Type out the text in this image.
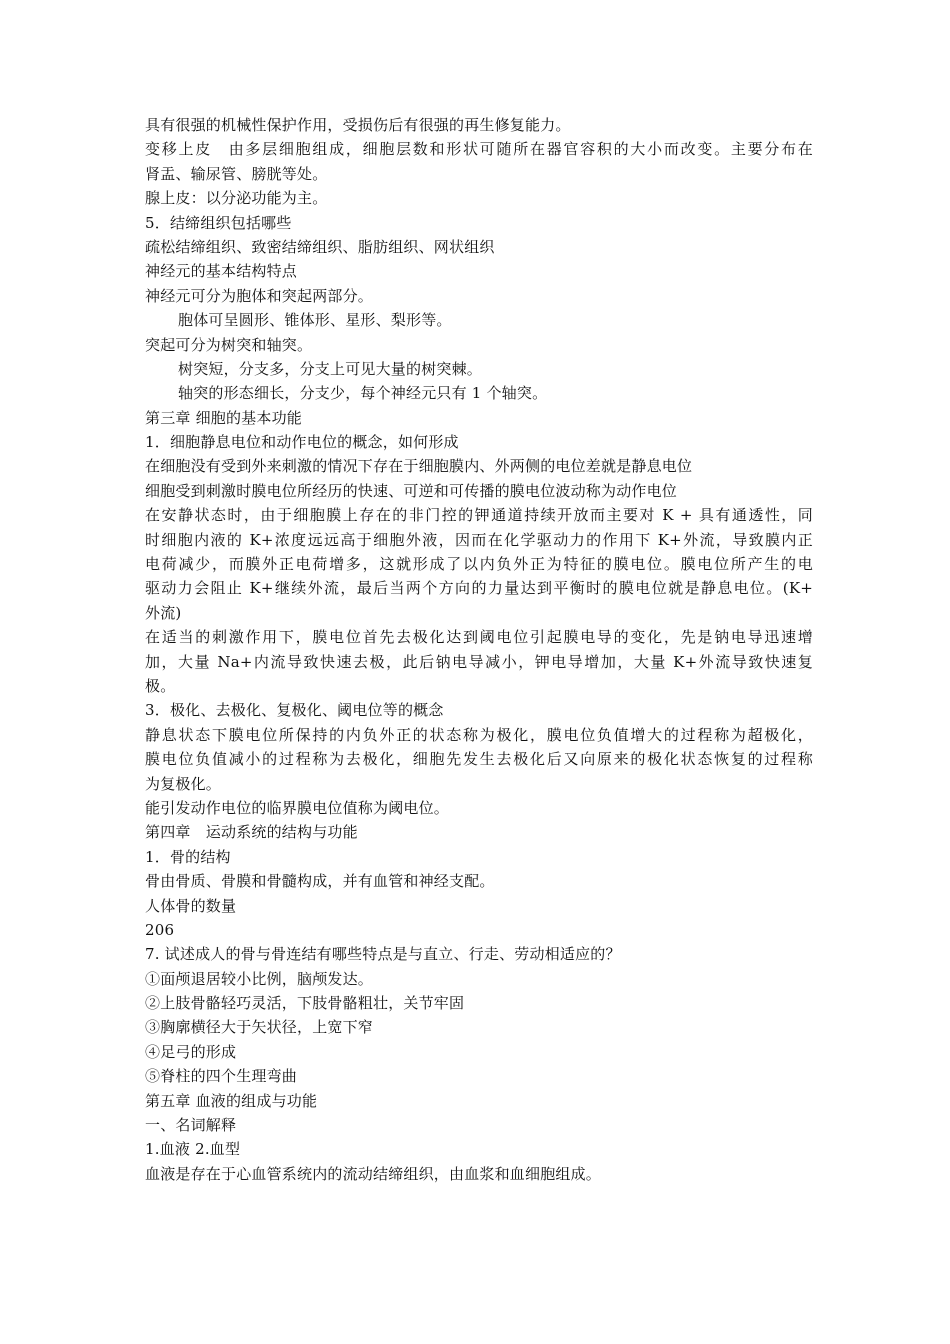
具有很强的机械性保护作用，受损伤后有很强的再生修复能力。
变移上皮　由多层细胞组成，细胞层数和形状可随所在器官容积的大小而改变。主要分布在
肾盂、输尿管、膀胱等处。
腺上皮：以分泌功能为主。
5．结缔组织包括哪些
疏松结缔组织、致密结缔组织、脂肪组织、网状组织
神经元的基本结构特点
神经元可分为胞体和突起两部分。
胞体可呈圆形、锥体形、星形、梨形等。
突起可分为树突和轴突。
树突短，分支多，分支上可见大量的树突棘。
轴突的形态细长，分支少，每个神经元只有 1 个轴突。
第三章 细胞的基本功能
1．细胞静息电位和动作电位的概念，如何形成
在细胞没有受到外来刺激的情况下存在于细胞膜内、外两侧的电位差就是静息电位
细胞受到刺激时膜电位所经历的快速、可逆和可传播的膜电位波动称为动作电位
在安静状态时，由于细胞膜上存在的非门控的钾通道持续开放而主要对 K + 具有通透性，同
时细胞内液的 K+浓度远远高于细胞外液，因而在化学驱动力的作用下 K+外流，导致膜内正
电荷减少，而膜外正电荷增多，这就形成了以内负外正为特征的膜电位。膜电位所产生的电
驱动力会阻止 K+继续外流，最后当两个方向的力量达到平衡时的膜电位就是静息电位。(K+
外流)
在适当的刺激作用下，膜电位首先去极化达到阈电位引起膜电导的变化，先是钠电导迅速增
加，大量 Na+内流导致快速去极，此后钠电导减小，钾电导增加，大量 K+外流导致快速复
极。
3．极化、去极化、复极化、阈电位等的概念
静息状态下膜电位所保持的内负外正的状态称为极化，膜电位负值增大的过程称为超极化，
膜电位负值减小的过程称为去极化，细胞先发生去极化后又向原来的极化状态恢复的过程称
为复极化。
能引发动作电位的临界膜电位值称为阈电位。
第四章　运动系统的结构与功能
1．骨的结构
骨由骨质、骨膜和骨髓构成，并有血管和神经支配。
人体骨的数量
206
7. 试述成人的骨与骨连结有哪些特点是与直立、行走、劳动相适应的？
①面颅退居较小比例，脑颅发达。
②上肢骨骼轻巧灵活，下肢骨骼粗壮，关节牢固
③胸廓横径大于矢状径，上宽下窄
④足弓的形成
⑤脊柱的四个生理弯曲
第五章 血液的组成与功能
一、名词解释
1.血液 2.血型
血液是存在于心血管系统内的流动结缔组织，由血浆和血细胞组成。
